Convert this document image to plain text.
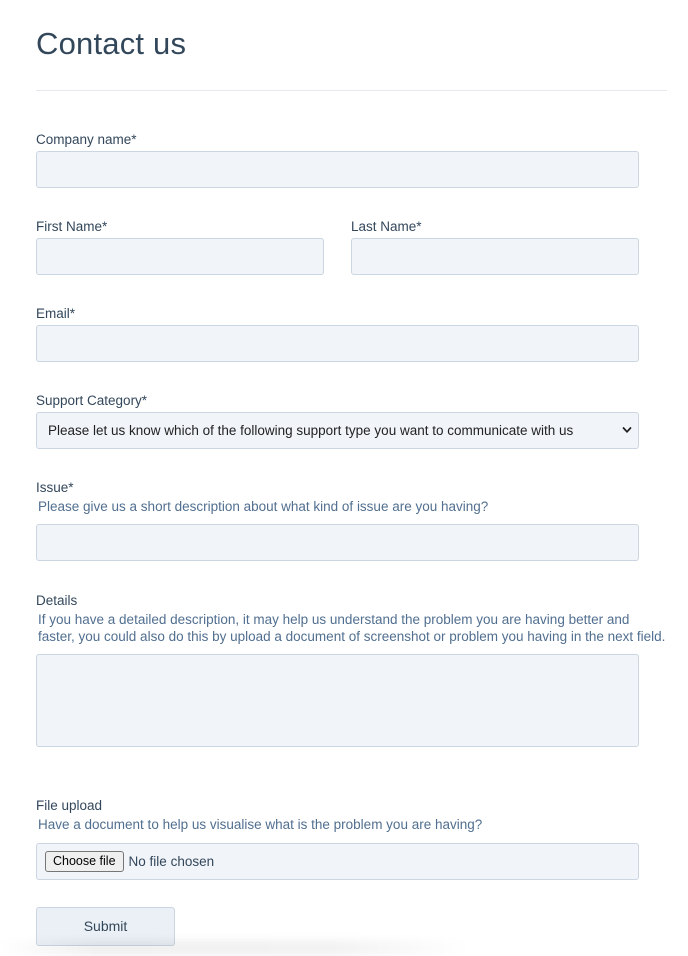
Contact us
Company name*
First Name*	Last Name*
Email*
Support Category*
Please let us know which of the following support type you want to communicate with us
Issue*
Please give us a short description about what kind of issue are you having?
Details
If you have a detailed description, it may help us understand the problem you are having better and faster, you could also do this by upload a document of screenshot or problem you having in the next field.
File upload
Have a document to help us visualise what is the problem you are having?
Choose file No file chosen
Submit
